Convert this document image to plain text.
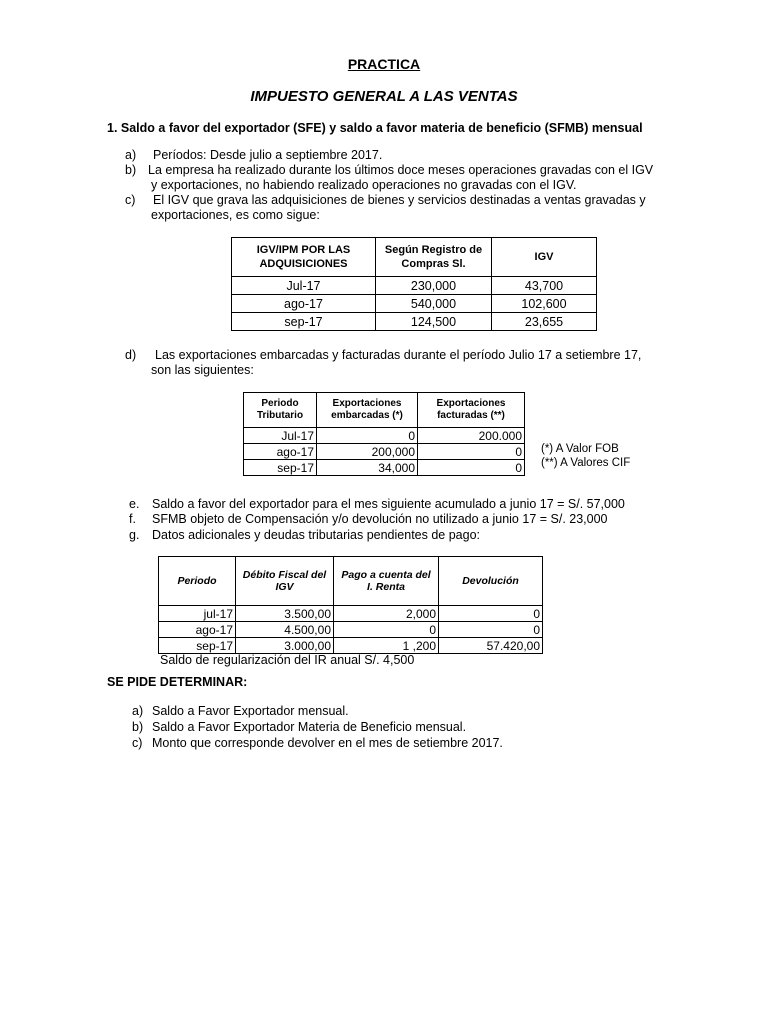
PRACTICA
IMPUESTO GENERAL A LAS VENTAS
1. Saldo a favor del exportador (SFE) y saldo a favor materia de beneficio (SFMB) mensual
a) Períodos: Desde julio a septiembre 2017.
b) La empresa ha realizado durante los últimos doce meses operaciones gravadas con el IGV
y exportaciones, no habiendo realizado operaciones no gravadas con el IGV.
c) El IGV que grava las adquisiciones de bienes y servicios destinadas a ventas gravadas y
exportaciones, es como sigue:
IGV/IPM POR LAS ADQUISICIONES	Según Registro de Compras Sl.	IGV
Jul-17	230,000	43,700
ago-17	540,000	102,600
sep-17	124,500	23,655
d) Las exportaciones embarcadas y facturadas durante el período Julio 17 a setiembre 17,
son las siguientes:
Periodo Tributario	Exportaciones embarcadas (*)	Exportaciones facturadas (**)
Jul-17	0	200.000
ago-17	200,000	0
sep-17	34,000	0
(*) A Valor FOB
(**) A Valores CIF
e. Saldo a favor del exportador para el mes siguiente acumulado a junio 17 = S/. 57,000
f. SFMB objeto de Compensación y/o devolución no utilizado a junio 17 = S/. 23,000
g. Datos adicionales y deudas tributarias pendientes de pago:
Periodo	Débito Fiscal del IGV	Pago a cuenta del I. Renta	Devolución
jul-17	3.500,00	2,000	0
ago-17	4.500,00	0	0
sep-17	3.000,00	1 ,200	57.420,00
Saldo de regularización del IR anual S/. 4,500
SE PIDE DETERMINAR:
a) Saldo a Favor Exportador mensual.
b) Saldo a Favor Exportador Materia de Beneficio mensual.
c) Monto que corresponde devolver en el mes de setiembre 2017.
